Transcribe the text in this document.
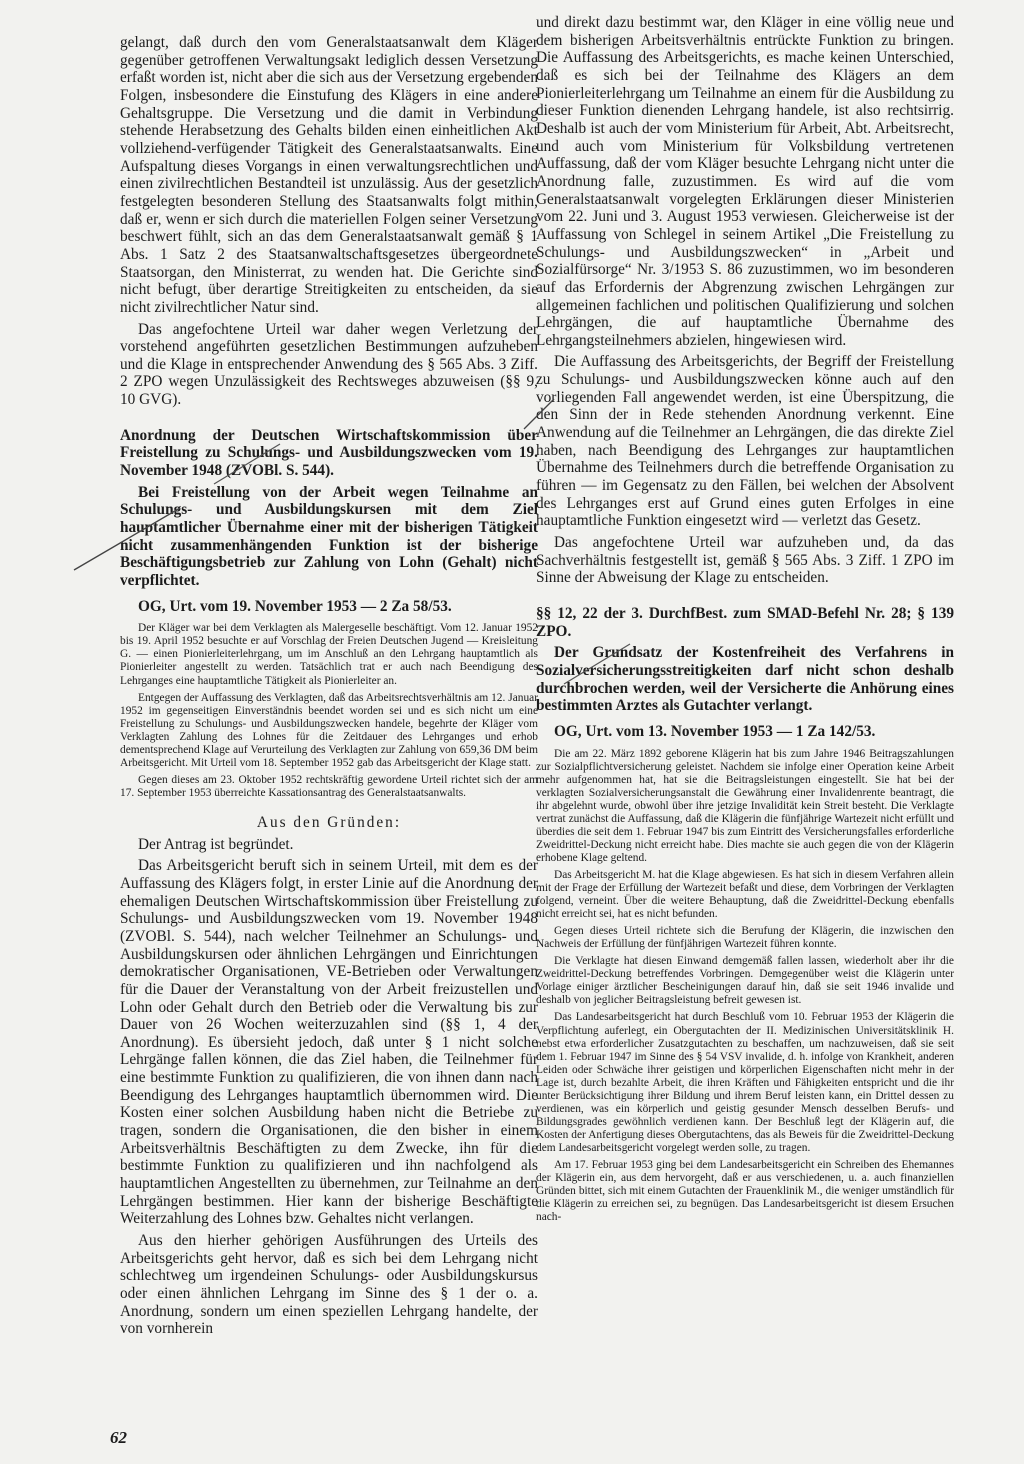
gelangt, daß durch den vom Generalstaatsanwalt dem Kläger gegenüber getroffenen Verwaltungsakt lediglich dessen Versetzung erfaßt worden ist, nicht aber die sich aus der Versetzung ergebenden Folgen, insbesondere die Einstufung des Klägers in eine andere Gehaltsgruppe. Die Versetzung und die damit in Verbindung stehende Herabsetzung des Gehalts bilden einen einheitlichen Akt vollziehend-verfügender Tätigkeit des Generalstaatsanwalts. Eine Aufspaltung dieses Vorgangs in einen verwaltungsrechtlichen und einen zivilrechtlichen Bestandteil ist unzulässig. Aus der gesetzlich festgelegten besonderen Stellung des Staatsanwalts folgt mithin, daß er, wenn er sich durch die materiellen Folgen seiner Versetzung beschwert fühlt, sich an das dem Generalstaatsanwalt gemäß § 1 Abs. 1 Satz 2 des Staatsanwaltschaftsgesetzes übergeordnete Staatsorgan, den Ministerrat, zu wenden hat. Die Gerichte sind nicht befugt, über derartige Streitigkeiten zu entscheiden, da sie nicht zivilrechtlicher Natur sind.

Das angefochtene Urteil war daher wegen Verletzung der vorstehend angeführten gesetzlichen Bestimmungen aufzuheben und die Klage in entsprechender Anwendung des § 565 Abs. 3 Ziff. 2 ZPO wegen Unzulässigkeit des Rechtsweges abzuweisen (§§ 9, 10 GVG).

Anordnung der Deutschen Wirtschaftskommission über Freistellung zu Schulungs- und Ausbildungszwecken vom 19. November 1948 (ZVOBl. S. 544).

Bei Freistellung von der Arbeit wegen Teilnahme an Schulungs- und Ausbildungskursen mit dem Ziel hauptamtlicher Übernahme einer mit der bisherigen Tätigkeit nicht zusammenhängenden Funktion ist der bisherige Beschäftigungsbetrieb zur Zahlung von Lohn (Gehalt) nicht verpflichtet.

OG, Urt. vom 19. November 1953 — 2 Za 58/53.

Der Kläger war bei dem Verklagten als Malergeselle beschäftigt. Vom 12. Januar 1952 bis 19. April 1952 besuchte er auf Vorschlag der Freien Deutschen Jugend — Kreisleitung G. — einen Pionierleiterlehrgang, um im Anschluß an den Lehrgang hauptamtlich als Pionierleiter angestellt zu werden. Tatsächlich trat er auch nach Beendigung des Lehrganges eine hauptamtliche Tätigkeit als Pionierleiter an.

Entgegen der Auffassung des Verklagten, daß das Arbeitsrechtsverhältnis am 12. Januar 1952 im gegenseitigen Einverständnis beendet worden sei und es sich nicht um eine Freistellung zu Schulungs- und Ausbildungszwecken handele, begehrte der Kläger vom Verklagten Zahlung des Lohnes für die Zeitdauer des Lehrganges und erhob dementsprechend Klage auf Verurteilung des Verklagten zur Zahlung von 659,36 DM beim Arbeitsgericht. Mit Urteil vom 18. September 1952 gab das Arbeitsgericht der Klage statt.

Gegen dieses am 23. Oktober 1952 rechtskräftig gewordene Urteil richtet sich der am 17. September 1953 überreichte Kassationsantrag des Generalstaatsanwalts.

Aus den Gründen:

Der Antrag ist begründet.

Das Arbeitsgericht beruft sich in seinem Urteil, mit dem es der Auffassung des Klägers folgt, in erster Linie auf die Anordnung der ehemaligen Deutschen Wirtschaftskommission über Freistellung zu Schulungs- und Ausbildungszwecken vom 19. November 1948 (ZVOBl. S. 544), nach welcher Teilnehmer an Schulungs- und Ausbildungskursen oder ähnlichen Lehrgängen und Einrichtungen demokratischer Organisationen, VE-Betrieben oder Verwaltungen für die Dauer der Veranstaltung von der Arbeit freizustellen und Lohn oder Gehalt durch den Betrieb oder die Verwaltung bis zur Dauer von 26 Wochen weiterzuzahlen sind (§§ 1, 4 der Anordnung). Es übersieht jedoch, daß unter § 1 nicht solche Lehrgänge fallen können, die das Ziel haben, die Teilnehmer für eine bestimmte Funktion zu qualifizieren, die von ihnen dann nach Beendigung des Lehrganges hauptamtlich übernommen wird. Die Kosten einer solchen Ausbildung haben nicht die Betriebe zu tragen, sondern die Organisationen, die den bisher in einem Arbeitsverhältnis Beschäftigten zu dem Zwecke, ihn für die bestimmte Funktion zu qualifizieren und ihn nachfolgend als hauptamtlichen Angestellten zu übernehmen, zur Teilnahme an den Lehrgängen bestimmen. Hier kann der bisherige Beschäftigte Weiterzahlung des Lohnes bzw. Gehaltes nicht verlangen.

Aus den hierher gehörigen Ausführungen des Urteils des Arbeitsgerichts geht hervor, daß es sich bei dem Lehrgang nicht schlechtweg um irgendeinen Schulungs- oder Ausbildungskursus oder einen ähnlichen Lehrgang im Sinne des § 1 der o. a. Anordnung, sondern um einen speziellen Lehrgang handelte, der von vornherein

und direkt dazu bestimmt war, den Kläger in eine völlig neue und dem bisherigen Arbeitsverhältnis entrückte Funktion zu bringen. Die Auffassung des Arbeitsgerichts, es mache keinen Unterschied, daß es sich bei der Teilnahme des Klägers an dem Pionierleiterlehrgang um Teilnahme an einem für die Ausbildung zu dieser Funktion dienenden Lehrgang handele, ist also rechtsirrig. Deshalb ist auch der vom Ministerium für Arbeit, Abt. Arbeitsrecht, und auch vom Ministerium für Volksbildung vertretenen Auffassung, daß der vom Kläger besuchte Lehrgang nicht unter die Anordnung falle, zuzustimmen. Es wird auf die vom Generalstaatsanwalt vorgelegten Erklärungen dieser Ministerien vom 22. Juni und 3. August 1953 verwiesen. Gleicherweise ist der Auffassung von Schlegel in seinem Artikel „Die Freistellung zu Schulungs- und Ausbildungszwecken“ in „Arbeit und Sozialfürsorge“ Nr. 3/1953 S. 86 zuzustimmen, wo im besonderen auf das Erfordernis der Abgrenzung zwischen Lehrgängen zur allgemeinen fachlichen und politischen Qualifizierung und solchen Lehrgängen, die auf hauptamtliche Übernahme des Lehrgangsteilnehmers abzielen, hingewiesen wird.

Die Auffassung des Arbeitsgerichts, der Begriff der Freistellung zu Schulungs- und Ausbildungszwecken könne auch auf den vorliegenden Fall angewendet werden, ist eine Überspitzung, die den Sinn der in Rede stehenden Anordnung verkennt. Eine Anwendung auf die Teilnehmer an Lehrgängen, die das direkte Ziel haben, nach Beendigung des Lehrganges zur hauptamtlichen Übernahme des Teilnehmers durch die betreffende Organisation zu führen — im Gegensatz zu den Fällen, bei welchen der Absolvent des Lehrganges erst auf Grund eines guten Erfolges in eine hauptamtliche Funktion eingesetzt wird — verletzt das Gesetz.

Das angefochtene Urteil war aufzuheben und, da das Sachverhältnis festgestellt ist, gemäß § 565 Abs. 3 Ziff. 1 ZPO im Sinne der Abweisung der Klage zu entscheiden.

§§ 12, 22 der 3. DurchfBest. zum SMAD-Befehl Nr. 28; § 139 ZPO.

Der Grundsatz der Kostenfreiheit des Verfahrens in Sozialversicherungsstreitigkeiten darf nicht schon deshalb durchbrochen werden, weil der Versicherte die Anhörung eines bestimmten Arztes als Gutachter verlangt.

OG, Urt. vom 13. November 1953 — 1 Za 142/53.

Die am 22. März 1892 geborene Klägerin hat bis zum Jahre 1946 Beitragszahlungen zur Sozialpflichtversicherung geleistet. Nachdem sie infolge einer Operation keine Arbeit mehr aufgenommen hat, hat sie die Beitragsleistungen eingestellt. Sie hat bei der verklagten Sozialversicherungsanstalt die Gewährung einer Invalidenrente beantragt, die ihr abgelehnt wurde, obwohl über ihre jetzige Invalidität kein Streit besteht. Die Verklagte vertrat zunächst die Auffassung, daß die Klägerin die fünfjährige Wartezeit nicht erfüllt und überdies die seit dem 1. Februar 1947 bis zum Eintritt des Versicherungsfalles erforderliche Zweidrittel-Deckung nicht erreicht habe. Dies machte sie auch gegen die von der Klägerin erhobene Klage geltend.

Das Arbeitsgericht M. hat die Klage abgewiesen. Es hat sich in diesem Verfahren allein mit der Frage der Erfüllung der Wartezeit befaßt und diese, dem Vorbringen der Verklagten folgend, verneint. Über die weitere Behauptung, daß die Zweidrittel-Deckung ebenfalls nicht erreicht sei, hat es nicht befunden.

Gegen dieses Urteil richtete sich die Berufung der Klägerin, die inzwischen den Nachweis der Erfüllung der fünfjährigen Wartezeit führen konnte.

Die Verklagte hat diesen Einwand demgemäß fallen lassen, wiederholt aber ihr die Zweidrittel-Deckung betreffendes Vorbringen. Demgegenüber weist die Klägerin unter Vorlage einiger ärztlicher Bescheinigungen darauf hin, daß sie seit 1946 invalide und deshalb von jeglicher Beitragsleistung befreit gewesen ist.

Das Landesarbeitsgericht hat durch Beschluß vom 10. Februar 1953 der Klägerin die Verpflichtung auferlegt, ein Obergutachten der II. Medizinischen Universitätsklinik H. nebst etwa erforderlicher Zusatzgutachten zu beschaffen, um nachzuweisen, daß sie seit dem 1. Februar 1947 im Sinne des § 54 VSV invalide, d. h. infolge von Krankheit, anderen Leiden oder Schwäche ihrer geistigen und körperlichen Eigenschaften nicht mehr in der Lage ist, durch bezahlte Arbeit, die ihren Kräften und Fähigkeiten entspricht und die ihr unter Berücksichtigung ihrer Bildung und ihrem Beruf leisten kann, ein Drittel dessen zu verdienen, was ein körperlich und geistig gesunder Mensch desselben Berufs- und Bildungsgrades gewöhnlich verdienen kann. Der Beschluß legt der Klägerin auf, die Kosten der Anfertigung dieses Obergutachtens, das als Beweis für die Zweidrittel-Deckung dem Landesarbeitsgericht vorgelegt werden solle, zu tragen.

Am 17. Februar 1953 ging bei dem Landesarbeitsgericht ein Schreiben des Ehemannes der Klägerin ein, aus dem hervorgeht, daß er aus verschiedenen, u. a. auch finanziellen Gründen bittet, sich mit einem Gutachten der Frauenklinik M., die weniger umständlich für die Klägerin zu erreichen sei, zu begnügen. Das Landesarbeitsgericht ist diesem Ersuchen nach-

62
